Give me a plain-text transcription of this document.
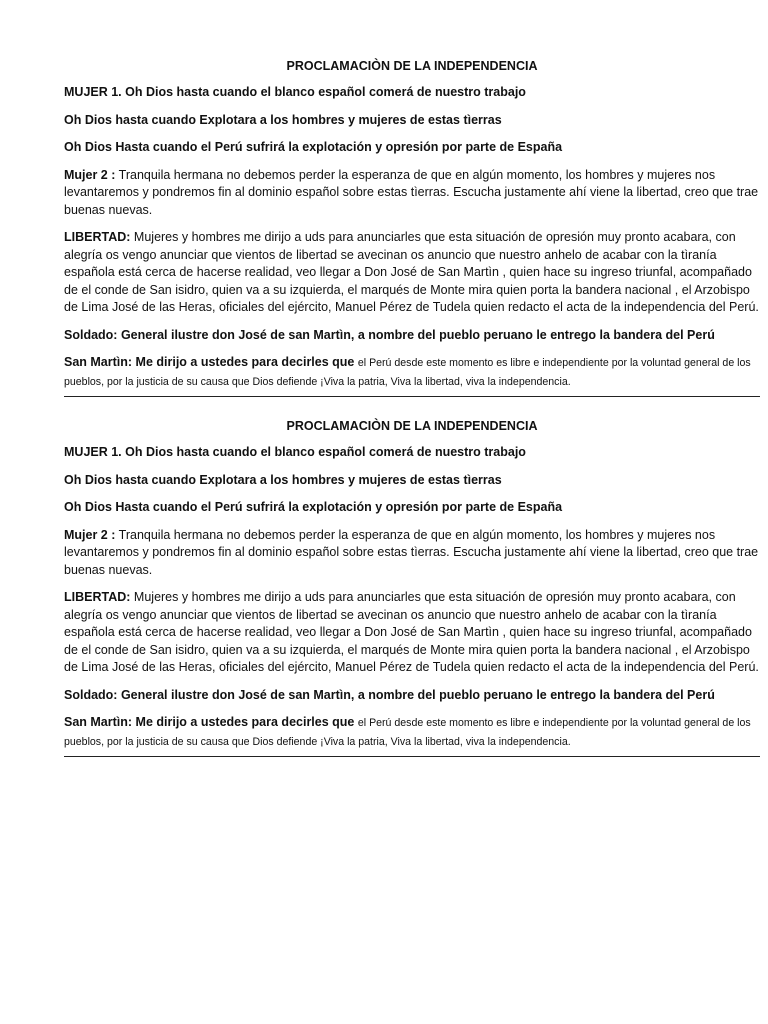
PROCLAMACIÒN DE LA INDEPENDENCIA

MUJER 1. Oh Dios hasta cuando el blanco español comerá de nuestro trabajo

Oh Dios hasta cuando Explotara a los hombres y mujeres de estas tìerras

Oh Dios Hasta cuando el Perú sufrirá la explotación y opresión por parte de España

Mujer 2 : Tranquila hermana no debemos perder la esperanza de que en algún momento, los hombres y mujeres nos levantaremos y pondremos fin al dominio español sobre estas tìerras. Escucha justamente ahí viene la libertad, creo que trae buenas nuevas.

LIBERTAD: Mujeres y hombres me dirijo a uds para anunciarles que esta situación de opresión muy pronto acabara, con alegría os vengo anunciar que vientos de libertad se avecinan os anuncio que nuestro anhelo de acabar con la tìranía española está cerca de hacerse realidad, veo llegar a Don José de San Martìn , quien hace su ingreso triunfal, acompañado de el conde de San isidro, quien va a su izquierda, el marqués de Monte mira quien porta la bandera nacional , el Arzobispo de Lima José de las Heras, oficiales del ejército, Manuel Pérez de Tudela quien redacto el acta de la independencia del Perú.

Soldado: General ilustre don José de san Martìn, a nombre del pueblo peruano le entrego la bandera del Perú

San Martìn: Me dirijo a ustedes para decirles que el Perú desde este momento es libre e independiente por la voluntad general de los pueblos, por la justicia de su causa que Dios defiende ¡Viva la patria, Viva la libertad, viva la independencia.

PROCLAMACIÒN DE LA INDEPENDENCIA

MUJER 1. Oh Dios hasta cuando el blanco español comerá de nuestro trabajo

Oh Dios hasta cuando Explotara a los hombres y mujeres de estas tìerras

Oh Dios Hasta cuando el Perú sufrirá la explotación y opresión por parte de España

Mujer 2 : Tranquila hermana no debemos perder la esperanza de que en algún momento, los hombres y mujeres nos levantaremos y pondremos fin al dominio español sobre estas tìerras. Escucha justamente ahí viene la libertad, creo que trae buenas nuevas.

LIBERTAD: Mujeres y hombres me dirijo a uds para anunciarles que esta situación de opresión muy pronto acabara, con alegría os vengo anunciar que vientos de libertad se avecinan os anuncio que nuestro anhelo de acabar con la tìranía española está cerca de hacerse realidad, veo llegar a Don José de San Martìn , quien hace su ingreso triunfal, acompañado de el conde de San isidro, quien va a su izquierda, el marqués de Monte mira quien porta la bandera nacional , el Arzobispo de Lima José de las Heras, oficiales del ejército, Manuel Pérez de Tudela quien redacto el acta de la independencia del Perú.

Soldado: General ilustre don José de san Martìn, a nombre del pueblo peruano le entrego la bandera del Perú

San Martìn: Me dirijo a ustedes para decirles que el Perú desde este momento es libre e independiente por la voluntad general de los pueblos, por la justicia de su causa que Dios defiende ¡Viva la patria, Viva la libertad, viva la independencia.
